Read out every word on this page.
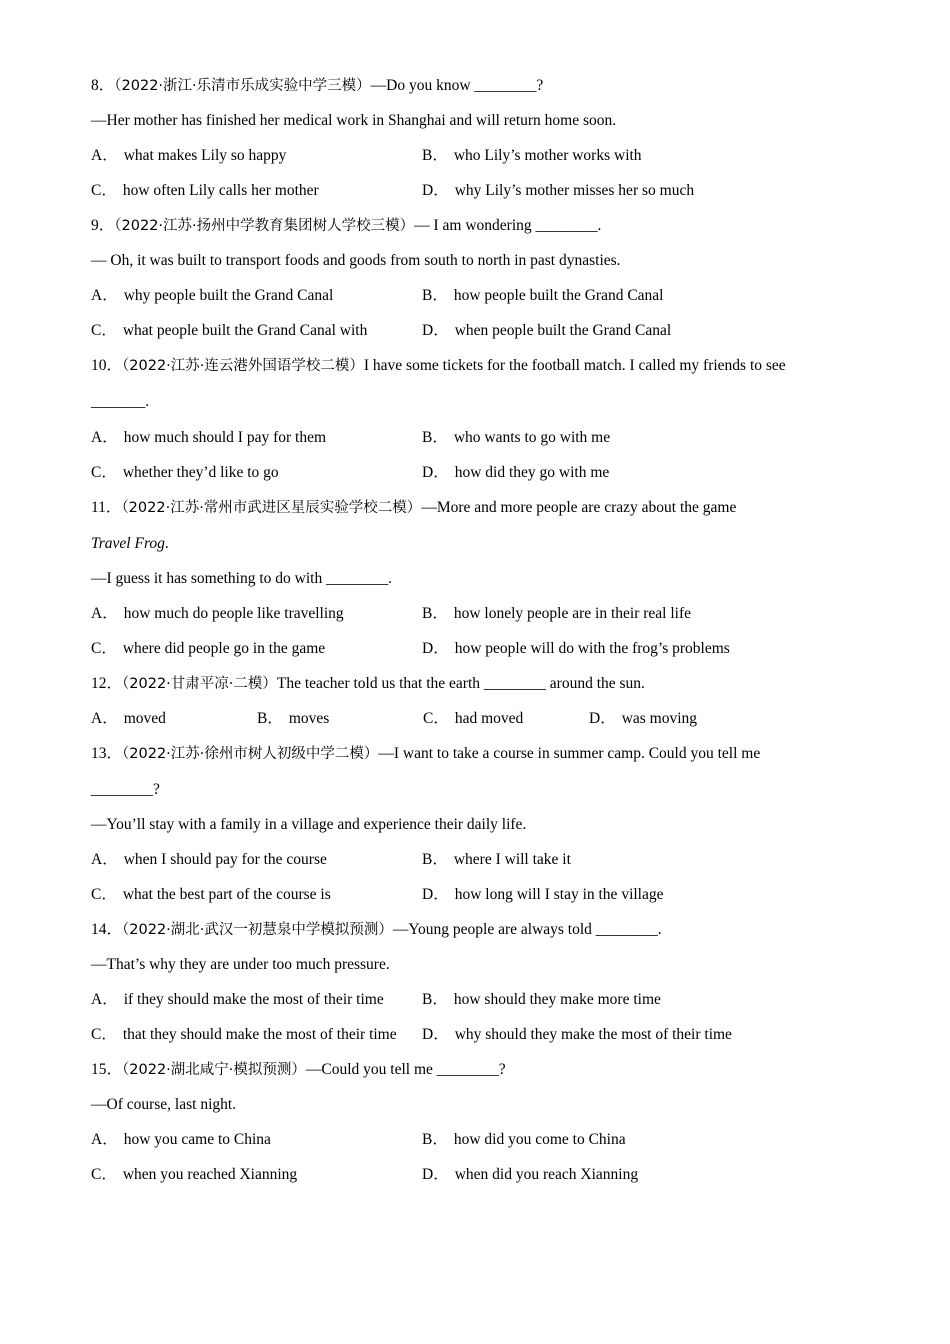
8．（2022·浙江·乐清市乐成实验中学三模）—Do you know ________?
—Her mother has finished her medical work in Shanghai and will return home soon.
A． what makes Lily so happy	B． who Lily’s mother works with
C． how often Lily calls her mother	D． why Lily’s mother misses her so much
9．（2022·江苏·扬州中学教育集团树人学校三模）— I am wondering ________.
— Oh, it was built to transport foods and goods from south to north in past dynasties.
A． why people built the Grand Canal	B． how people built the Grand Canal
C． what people built the Grand Canal with	D． when people built the Grand Canal
10．（2022·江苏·连云港外国语学校二模）I have some tickets for the football match. I called my friends to see
_______.
A． how much should I pay for them	B． who wants to go with me
C． whether they’d like to go	D． how did they go with me
11．（2022·江苏·常州市武进区星辰实验学校二模）—More and more people are crazy about the game
Travel Frog.
—I guess it has something to do with ________.
A． how much do people like travelling	B． how lonely people are in their real life
C． where did people go in the game	D． how people will do with the frog’s problems
12．（2022·甘肃平凉·二模）The teacher told us that the earth ________ around the sun.
A． moved	B． moves	C． had moved	D． was moving
13．（2022·江苏·徐州市树人初级中学二模）—I want to take a course in summer camp. Could you tell me
________?
—You’ll stay with a family in a village and experience their daily life.
A． when I should pay for the course	B． where I will take it
C． what the best part of the course is	D． how long will I stay in the village
14．（2022·湖北·武汉一初慧泉中学模拟预测）—Young people are always told ________.
—That’s why they are under too much pressure.
A． if they should make the most of their time	B． how should they make more time
C． that they should make the most of their time	D． why should they make the most of their time
15．（2022·湖北咸宁·模拟预测）—Could you tell me ________?
—Of course, last night.
A． how you came to China	B． how did you come to China
C． when you reached Xianning	D． when did you reach Xianning
